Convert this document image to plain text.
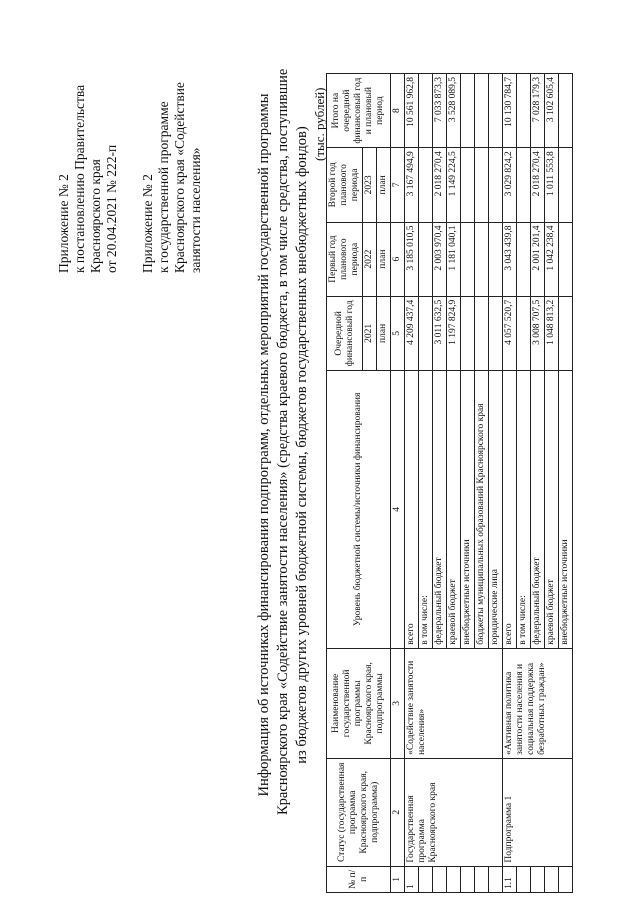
Приложение № 2 к постановлению Правительства Красноярского края от 20.04.2021 № 222-п Приложение № 2 к государственной программе Красноярского края «Содействие занятости населения»	Информация об источниках финансирования подпрограмм, отдельных мероприятий государственной программы Красноярского края «Содействие занятости населения» (средства краевого бюджета, в том числе средства, поступившие из бюджетов других уровней бюджетной системы, бюджетов государственных внебюджетных фондов)
(тыс. рублей)
№ п/п	Статус (государственная программа Красноярского края, подпрограмма)	Наименование государственной программы Красноярского края, подпрограммы	Уровень бюджетной системы/источники финансирования	Очередной финансовый год	Первый год планового периода	Второй год планового периода	Итого на очередной финансовый год и плановый период
				2021	2022	2023	
				план	план	план	
1	2	3	4	5	6	7	8
1	Государственная программа Красноярского края	«Содействие занятости населения»	всего	4 209 437,4	3 185 010,5	3 167 494,9	10 561 962,8
			в том числе:				
			федеральный бюджет	3 011 632,5	2 003 970,4	2 018 270,4	7 033 873,3
			краевой бюджет	1 197 824,9	1 181 040,1	1 149 224,5	3 528 089,5
			внебюджетные источники				
			бюджеты муниципальных образований Красноярского края				
			юридические лица				
1.1	Подпрограмма 1	«Активная политика занятости населения и социальная поддержка безработных граждан»	всего	4 057 520,7	3 043 439,8	3 029 824,2	10 130 784,7
			в том числе:				
			федеральный бюджет	3 008 707,5	2 001 201,4	2 018 270,4	7 028 179,3
			краевой бюджет	1 048 813,2	1 042 238,4	1 011 553,8	3 102 605,4
			внебюджетные источники				
